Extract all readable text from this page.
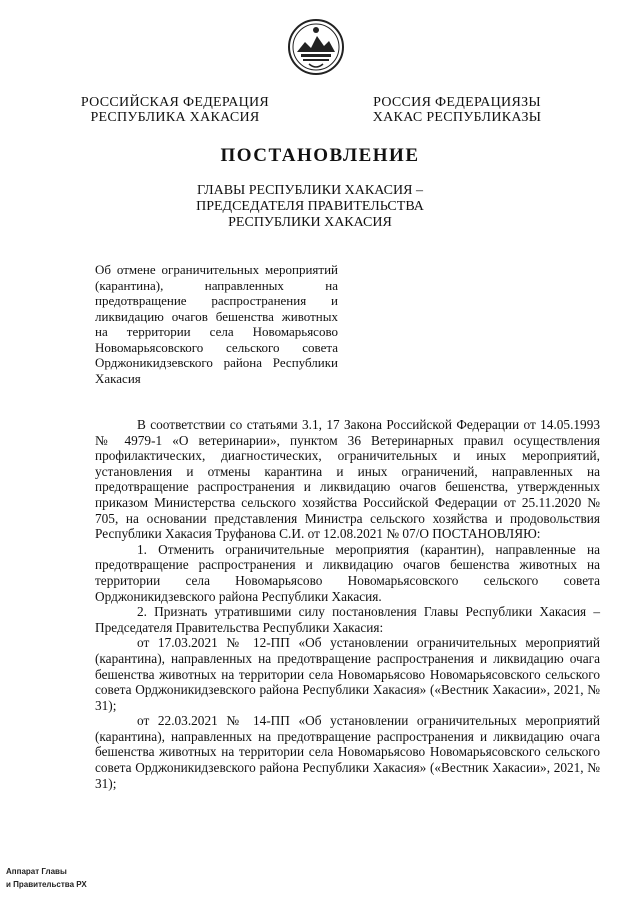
РОССИЙСКАЯ ФЕДЕРАЦИЯ
РЕСПУБЛИКА ХАКАСИЯ
РОССИЯ ФЕДЕРАЦИЯЗЫ
ХАКАС РЕСПУБЛИКАЗЫ
ПОСТАНОВЛЕНИЕ
ГЛАВЫ РЕСПУБЛИКИ ХАКАСИЯ –
ПРЕДСЕДАТЕЛЯ ПРАВИТЕЛЬСТВА
РЕСПУБЛИКИ ХАКАСИЯ
Об отмене ограничительных мероприятий (карантина), направленных на предотвращение распространения и ликвидацию очагов бешенства животных на территории села Новомарьясово Новомарьясовского сельского совета Орджоникидзевского района Республики Хакасия

В соответствии со статьями 3.1, 17 Закона Российской Федерации от 14.05.1993 № 4979-1 «О ветеринарии», пунктом 36 Ветеринарных правил осуществления профилактических, диагностических, ограничительных и иных мероприятий, установления и отмены карантина и иных ограничений, направленных на предотвращение распространения и ликвидацию очагов бешенства, утвержденных приказом Министерства сельского хозяйства Российской Федерации от 25.11.2020 № 705, на основании представления Министра сельского хозяйства и продовольствия Республики Хакасия Труфанова С.И. от 12.08.2021 № 07/О ПОСТАНОВЛЯЮ:

1. Отменить ограничительные мероприятия (карантин), направленные на предотвращение распространения и ликвидацию очагов бешенства животных на территории села Новомарьясово Новомарьясовского сельского совета Орджоникидзевского района Республики Хакасия.

2. Признать утратившими силу постановления Главы Республики Хакасия – Председателя Правительства Республики Хакасия:

от 17.03.2021 № 12-ПП «Об установлении ограничительных мероприятий (карантина), направленных на предотвращение распространения и ликвидацию очага бешенства животных на территории села Новомарьясово Новомарьясовского сельского совета Орджоникидзевского района Республики Хакасия» («Вестник Хакасии», 2021, № 31);

от 22.03.2021 № 14-ПП «Об установлении ограничительных мероприятий (карантина), направленных на предотвращение распространения и ликвидацию очага бешенства животных на территории села Новомарьясово Новомарьясовского сельского совета Орджоникидзевского района Республики Хакасия» («Вестник Хакасии», 2021, № 31);

Аппарат Главы
и Правительства РХ
